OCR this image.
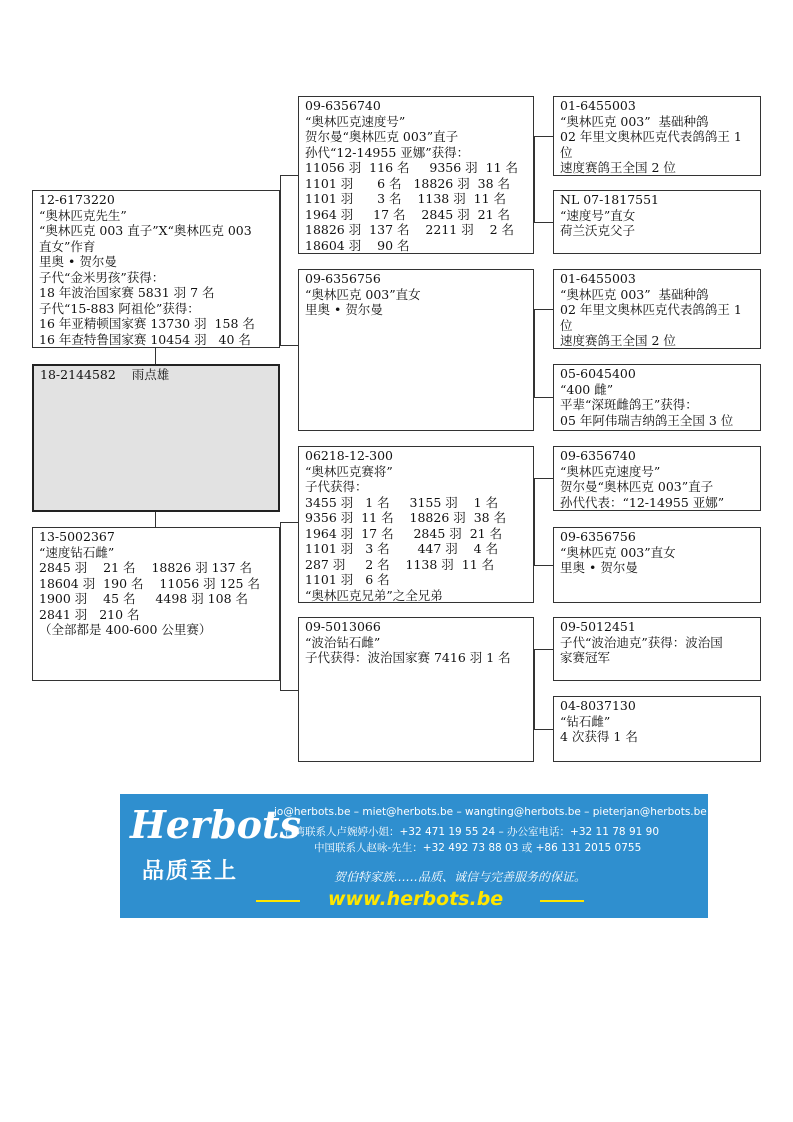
12-6173220
“奥林匹克先生”
“奥林匹克 003 直子”X“奥林匹克 003
直女”作育
里奥 • 贺尔曼
子代“金米男孩”获得：
18 年波治国家赛 5831 羽 7 名
子代“15-883 阿祖伦”获得：
16 年亚精顿国家赛 13730 羽  158 名
16 年查特鲁国家赛 10454 羽   40 名
18-2144582    雨点雄
13-5002367
“速度钻石雌”
2845 羽    21 名    18826 羽 137 名
18604 羽  190 名    11056 羽 125 名
1900 羽    45 名     4498 羽 108 名
2841 羽   210 名
（全部都是 400-600 公里赛）
09-6356740
“奥林匹克速度号”
贺尔曼“奥林匹克 003”直子
孙代“12-14955 亚娜”获得：
11056 羽  116 名     9356 羽  11 名
1101 羽      6 名   18826 羽  38 名
1101 羽      3 名    1138 羽  11 名
1964 羽     17 名    2845 羽  21 名
18826 羽  137 名    2211 羽    2 名
18604 羽    90 名
09-6356756
“奥林匹克 003”直女
里奥 • 贺尔曼
06218-12-300
“奥林匹克赛将”
子代获得：
3455 羽   1 名     3155 羽    1 名
9356 羽  11 名    18826 羽  38 名
1964 羽  17 名     2845 羽  21 名
1101 羽   3 名       447 羽    4 名
287 羽     2 名    1138 羽  11 名
1101 羽   6 名
“奥林匹克兄弟”之全兄弟
09-5013066
“波治钻石雌”
子代获得：波治国家赛 7416 羽 1 名
01-6455003
“奥林匹克 003”  基础种鸽
02 年里文奥林匹克代表鸽鸽王 1
位
速度赛鸽王全国 2 位
NL 07-1817551
“速度号”直女
荷兰沃克父子
01-6455003
“奥林匹克 003”  基础种鸽
02 年里文奥林匹克代表鸽鸽王 1
位
速度赛鸽王全国 2 位
05-6045400
“400 雌”
平辈“深斑雌鸽王”获得：
05 年阿伟瑞吉纳鸽王全国 3 位
09-6356740
“奥林匹克速度号”
贺尔曼“奥林匹克 003”直子
孙代代表：“12-14955 亚娜”
09-6356756
“奥林匹克 003”直女
里奥 • 贺尔曼
09-5012451
子代“波治迪克”获得：波治国
家赛冠军
04-8037130
“钻石雌”
4 次获得 1 名
Herbots
品质至上
jo@herbots.be – miet@herbots.be – wangting@herbots.be – pieterjan@herbots.be
台湾联系人卢婉婷小姐：+32 471 19 55 24 – 办公室电话：+32 11 78 91 90
中国联系人赵咏-先生：+32 492 73 88 03 或 +86 131 2015 0755
贺伯特家族……品质、诚信与完善服务的保证。
www.herbots.be
